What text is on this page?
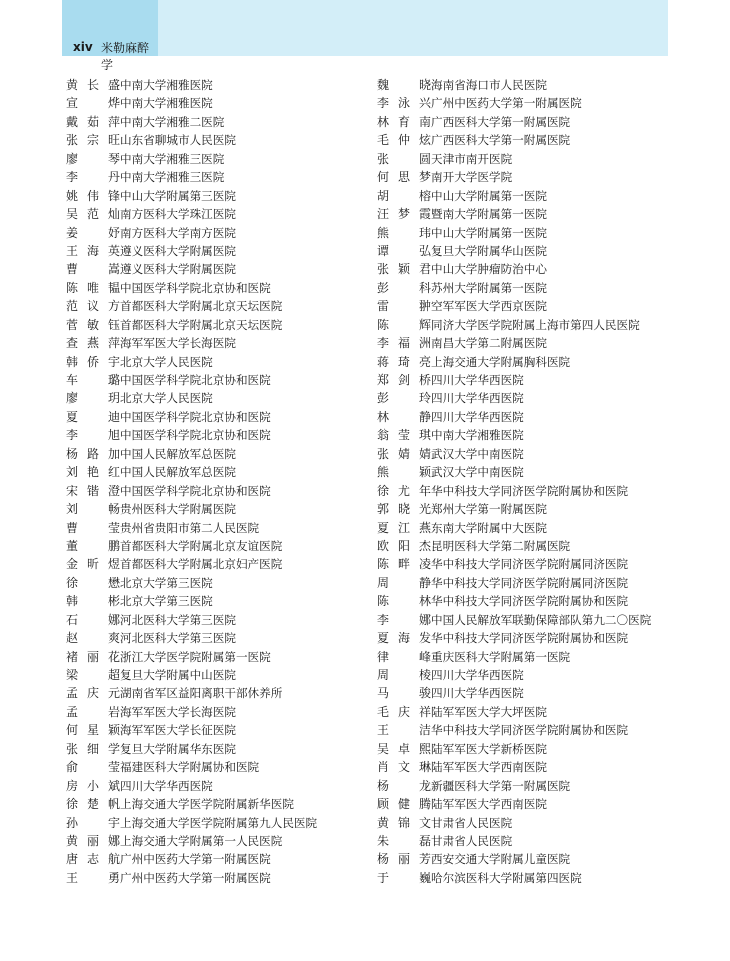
xiv 米勒麻醉学
黄长盛中南大学湘雅医院
宣 烨 中南大学湘雅医院
戴茹萍中南大学湘雅二医院
张宗旺山东省聊城市人民医院
廖 琴 中南大学湘雅三医院
李 丹 中南大学湘雅三医院
姚伟锋中山大学附属第三医院
吴范灿南方医科大学珠江医院
姜 妤 南方医科大学南方医院
王海英遵义医科大学附属医院
曹 嵩 遵义医科大学附属医院
陈唯韫中国医学科学院北京协和医院
范议方首都医科大学附属北京天坛医院
菅敏钰首都医科大学附属北京天坛医院
查燕萍海军军医大学长海医院
韩侨宇北京大学人民医院
车 璐 中国医学科学院北京协和医院
廖 玥 北京大学人民医院
夏 迪 中国医学科学院北京协和医院
李 旭 中国医学科学院北京协和医院
杨路加中国人民解放军总医院
刘艳红中国人民解放军总医院
宋锴澄中国医学科学院北京协和医院
刘 畅 贵州医科大学附属医院
曹 莹 贵州省贵阳市第二人民医院
董 鹏 首都医科大学附属北京友谊医院
金昕煜首都医科大学附属北京妇产医院
徐 懋 北京大学第三医院
韩 彬 北京大学第三医院
石 娜 河北医科大学第三医院
赵 爽 河北医科大学第三医院
褚丽花浙江大学医学院附属第一医院
梁 超 复旦大学附属中山医院
孟庆元湖南省军区益阳离职干部休养所
孟 岩 海军军医大学长海医院
何星颖海军军医大学长征医院
张细学复旦大学附属华东医院
俞 莹 福建医科大学附属协和医院
房小斌四川大学华西医院
徐楚帆上海交通大学医学院附属新华医院
孙 宇 上海交通大学医学院附属第九人民医院
黄丽娜上海交通大学附属第一人民医院
唐志航广州中医药大学第一附属医院
王 勇 广州中医药大学第一附属医院
魏 晓 海南省海口市人民医院
李泳兴广州中医药大学第一附属医院
林育南广西医科大学第一附属医院
毛仲炫广西医科大学第一附属医院
张 圆 天津市南开医院
何思梦南开大学医学院
胡 榕 中山大学附属第一医院
汪梦霞暨南大学附属第一医院
熊 玮 中山大学附属第一医院
谭 弘 复旦大学附属华山医院
张颖君中山大学肿瘤防治中心
彭 科 苏州大学附属第一医院
雷 翀 空军军医大学西京医院
陈 辉 同济大学医学院附属上海市第四人民医院
李福洲南昌大学第二附属医院
蒋琦亮上海交通大学附属胸科医院
郑剑桥四川大学华西医院
彭 玲 四川大学华西医院
林 静 四川大学华西医院
翁莹琪中南大学湘雅医院
张婧婧武汉大学中南医院
熊 颖 武汉大学中南医院
徐尤年华中科技大学同济医学院附属协和医院
郭晓光郑州大学第一附属医院
夏江燕东南大学附属中大医院
欧阳杰昆明医科大学第二附属医院
陈畔凌华中科技大学同济医学院附属同济医院
周 静 华中科技大学同济医学院附属同济医院
陈 林 华中科技大学同济医学院附属协和医院
李 娜 中国人民解放军联勤保障部队第九二〇医院
夏海发华中科技大学同济医学院附属协和医院
律 峰 重庆医科大学附属第一医院
周 棱 四川大学华西医院
马 骏 四川大学华西医院
毛庆祥陆军军医大学大坪医院
王 洁 华中科技大学同济医学院附属协和医院
吴卓熙陆军军医大学新桥医院
肖文琳陆军军医大学西南医院
杨 龙 新疆医科大学第一附属医院
顾健腾陆军军医大学西南医院
黄锦文甘肃省人民医院
朱 磊 甘肃省人民医院
杨丽芳西安交通大学附属儿童医院
于 巍 哈尔滨医科大学附属第四医院
